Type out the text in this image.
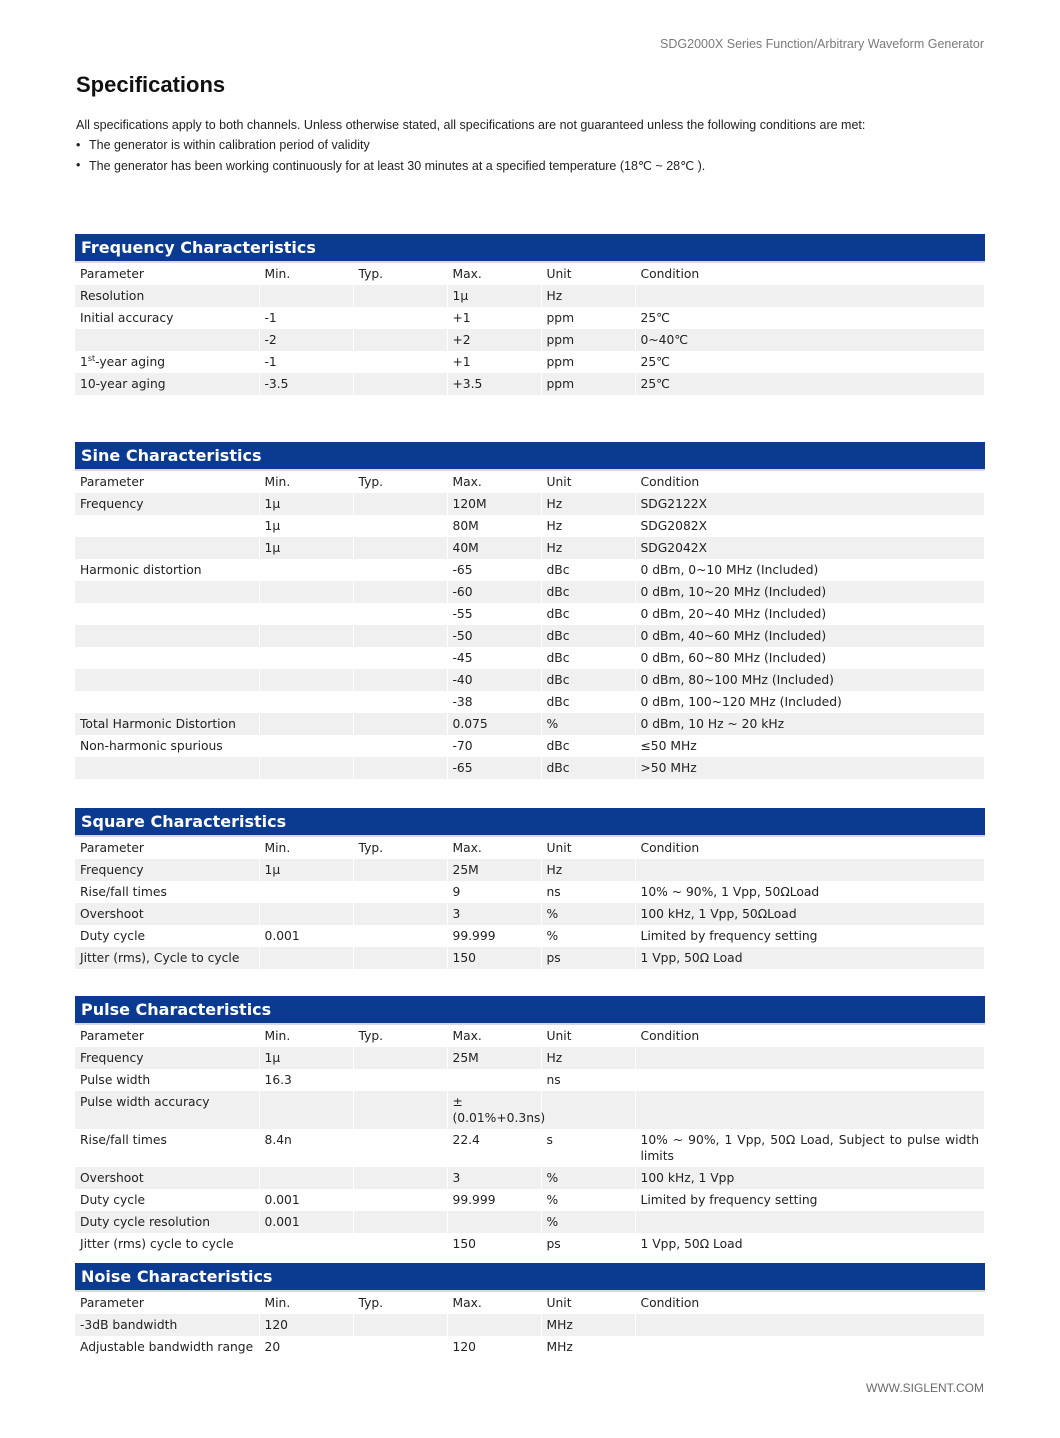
SDG2000X Series Function/Arbitrary Waveform Generator
Specifications

All specifications apply to both channels. Unless otherwise stated, all specifications are not guaranteed unless the following conditions are met:

• The generator is within calibration period of validity
• The generator has been working continuously for at least 30 minutes at a specified temperature (18℃ ~ 28℃ ).
Frequency Characteristics
Parameter	Min.	Typ.	Max.	Unit	Condition
Resolution			1μ	Hz	
Initial accuracy	-1		+1	ppm	25℃
	-2		+2	ppm	0~40℃
1st-year aging	-1		+1	ppm	25℃
10-year aging	-3.5		+3.5	ppm	25℃
Sine Characteristics
Parameter	Min.	Typ.	Max.	Unit	Condition
Frequency	1μ		120M	Hz	SDG2122X
	1μ		80M	Hz	SDG2082X
	1μ		40M	Hz	SDG2042X
Harmonic distortion			-65	dBc	0 dBm, 0~10 MHz (Included)
			-60	dBc	0 dBm, 10~20 MHz (Included)
			-55	dBc	0 dBm, 20~40 MHz (Included)
			-50	dBc	0 dBm, 40~60 MHz (Included)
			-45	dBc	0 dBm, 60~80 MHz (Included)
			-40	dBc	0 dBm, 80~100 MHz (Included)
			-38	dBc	0 dBm, 100~120 MHz (Included)
Total Harmonic Distortion			0.075	%	0 dBm, 10 Hz ~ 20 kHz
Non-harmonic spurious			-70	dBc	≤50 MHz
			-65	dBc	>50 MHz
Square Characteristics
Parameter	Min.	Typ.	Max.	Unit	Condition
Frequency	1μ		25M	Hz	
Rise/fall times			9	ns	10% ~ 90%, 1 Vpp, 50ΩLoad
Overshoot			3	%	100 kHz, 1 Vpp, 50ΩLoad
Duty cycle	0.001		99.999	%	Limited by frequency setting
Jitter (rms), Cycle to cycle			150	ps	1 Vpp, 50Ω Load
Pulse Characteristics
Parameter	Min.	Typ.	Max.	Unit	Condition
Frequency	1μ		25M	Hz	
Pulse width	16.3			ns	
Pulse width accuracy			±(0.01%+0.3ns)		
Rise/fall times	8.4n		22.4	s	10% ~ 90%, 1 Vpp, 50Ω Load, Subject to pulse width limits
Overshoot			3	%	100 kHz, 1 Vpp
Duty cycle	0.001		99.999	%	Limited by frequency setting
Duty cycle resolution	0.001			%	
Jitter (rms) cycle to cycle			150	ps	1 Vpp, 50Ω Load
Noise Characteristics
Parameter	Min.	Typ.	Max.	Unit	Condition
-3dB bandwidth	120			MHz	
Adjustable bandwidth range	20		120	MHz	
WWW.SIGLENT.COM
